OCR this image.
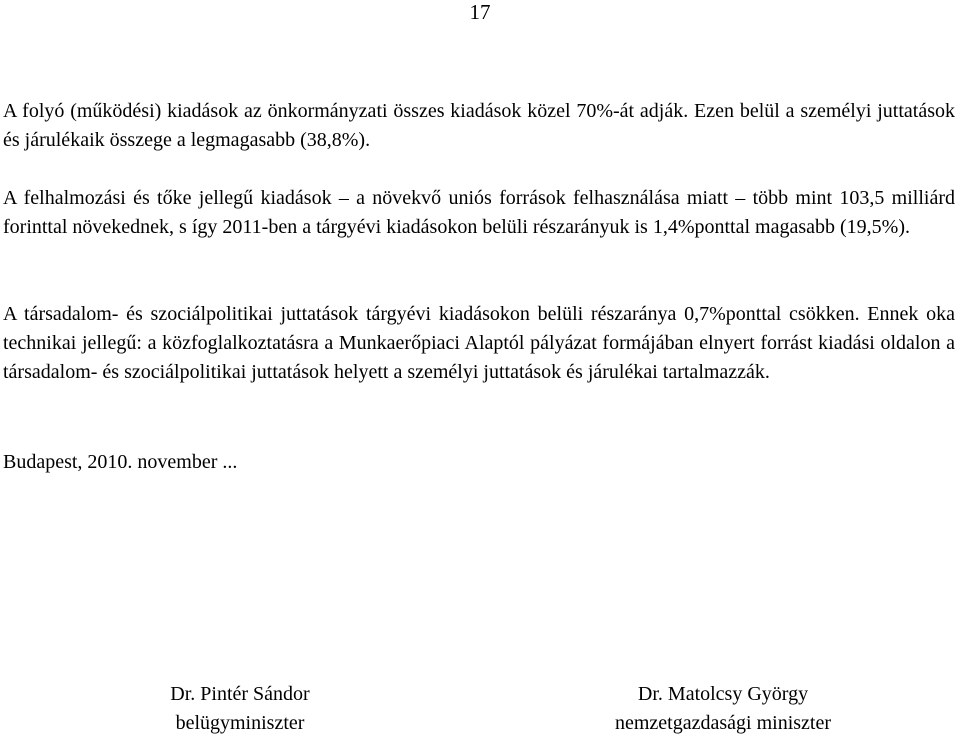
17

A folyó (működési) kiadások az önkormányzati összes kiadások közel 70%-át adják. Ezen belül a személyi juttatások és járulékaik összege a legmagasabb (38,8%).

A felhalmozási és tőke jellegű kiadások – a növekvő uniós források felhasználása miatt – több mint 103,5 milliárd forinttal növekednek, s így 2011-ben a tárgyévi kiadásokon belüli részarányuk is 1,4%ponttal magasabb (19,5%).

A társadalom- és szociálpolitikai juttatások tárgyévi kiadásokon belüli részaránya 0,7%ponttal csökken. Ennek oka technikai jellegű: a közfoglalkoztatásra a Munkaerőpiaci Alaptól pályázat formájában elnyert forrást kiadási oldalon a társadalom- és szociálpolitikai juttatások helyett a személyi juttatások és járulékai tartalmazzák.

Budapest, 2010. november ...

Dr. Pintér Sándor
belügyminiszter
Dr. Matolcsy György
nemzetgazdasági miniszter
